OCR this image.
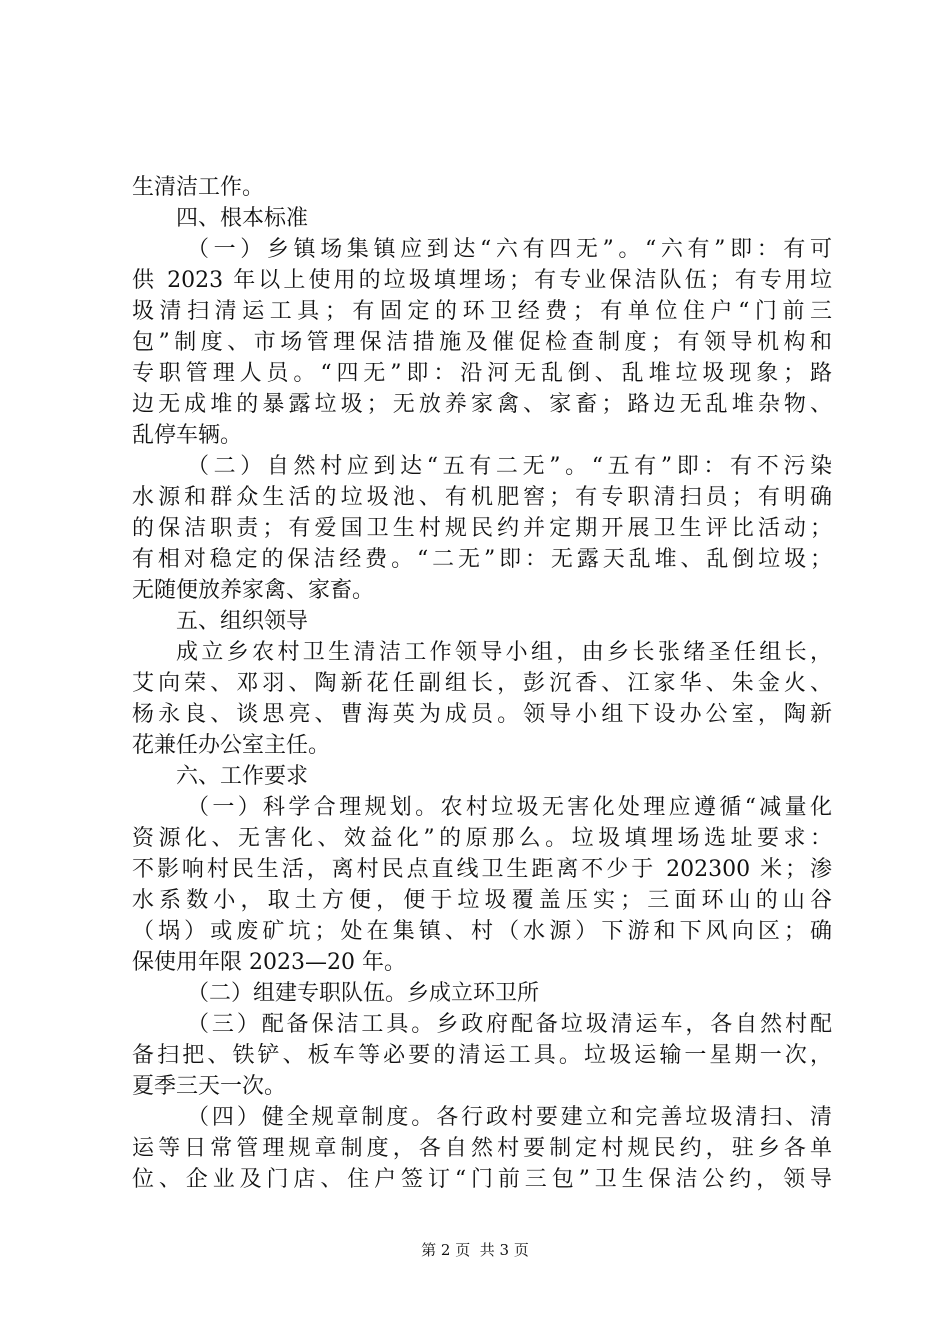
生清洁工作。
四、根本标准
（一）乡镇场集镇应到达“六有四无”。“六有”即：有可
供 2023 年以上使用的垃圾填埋场；有专业保洁队伍；有专用垃
圾清扫清运工具；有固定的环卫经费；有单位住户“门前三
包”制度、市场管理保洁措施及催促检查制度；有领导机构和
专职管理人员。“四无”即：沿河无乱倒、乱堆垃圾现象；路
边无成堆的暴露垃圾；无放养家禽、家畜；路边无乱堆杂物、
乱停车辆。
（二）自然村应到达“五有二无”。“五有”即：有不污染
水源和群众生活的垃圾池、有机肥窖；有专职清扫员；有明确
的保洁职责；有爱国卫生村规民约并定期开展卫生评比活动；
有相对稳定的保洁经费。“二无”即：无露天乱堆、乱倒垃圾；
无随便放养家禽、家畜。
五、组织领导
成立乡农村卫生清洁工作领导小组，由乡长张绪圣任组长，
艾向荣、邓羽、陶新花任副组长，彭沉香、江家华、朱金火、
杨永良、谈思亮、曹海英为成员。领导小组下设办公室，陶新
花兼任办公室主任。
六、工作要求
（一）科学合理规划。农村垃圾无害化处理应遵循“减量化
资源化、无害化、效益化”的原那么。垃圾填埋场选址要求：
不影响村民生活，离村民点直线卫生距离不少于 202300 米；渗
水系数小，取土方便，便于垃圾覆盖压实；三面环山的山谷
（埚）或废矿坑；处在集镇、村（水源）下游和下风向区；确
保使用年限 2023—20 年。
（二）组建专职队伍。乡成立环卫所
（三）配备保洁工具。乡政府配备垃圾清运车，各自然村配
备扫把、铁铲、板车等必要的清运工具。垃圾运输一星期一次，
夏季三天一次。
（四）健全规章制度。各行政村要建立和完善垃圾清扫、清
运等日常管理规章制度，各自然村要制定村规民约，驻乡各单
位、企业及门店、住户签订“门前三包”卫生保洁公约，领导
第 2 页 共 3 页
